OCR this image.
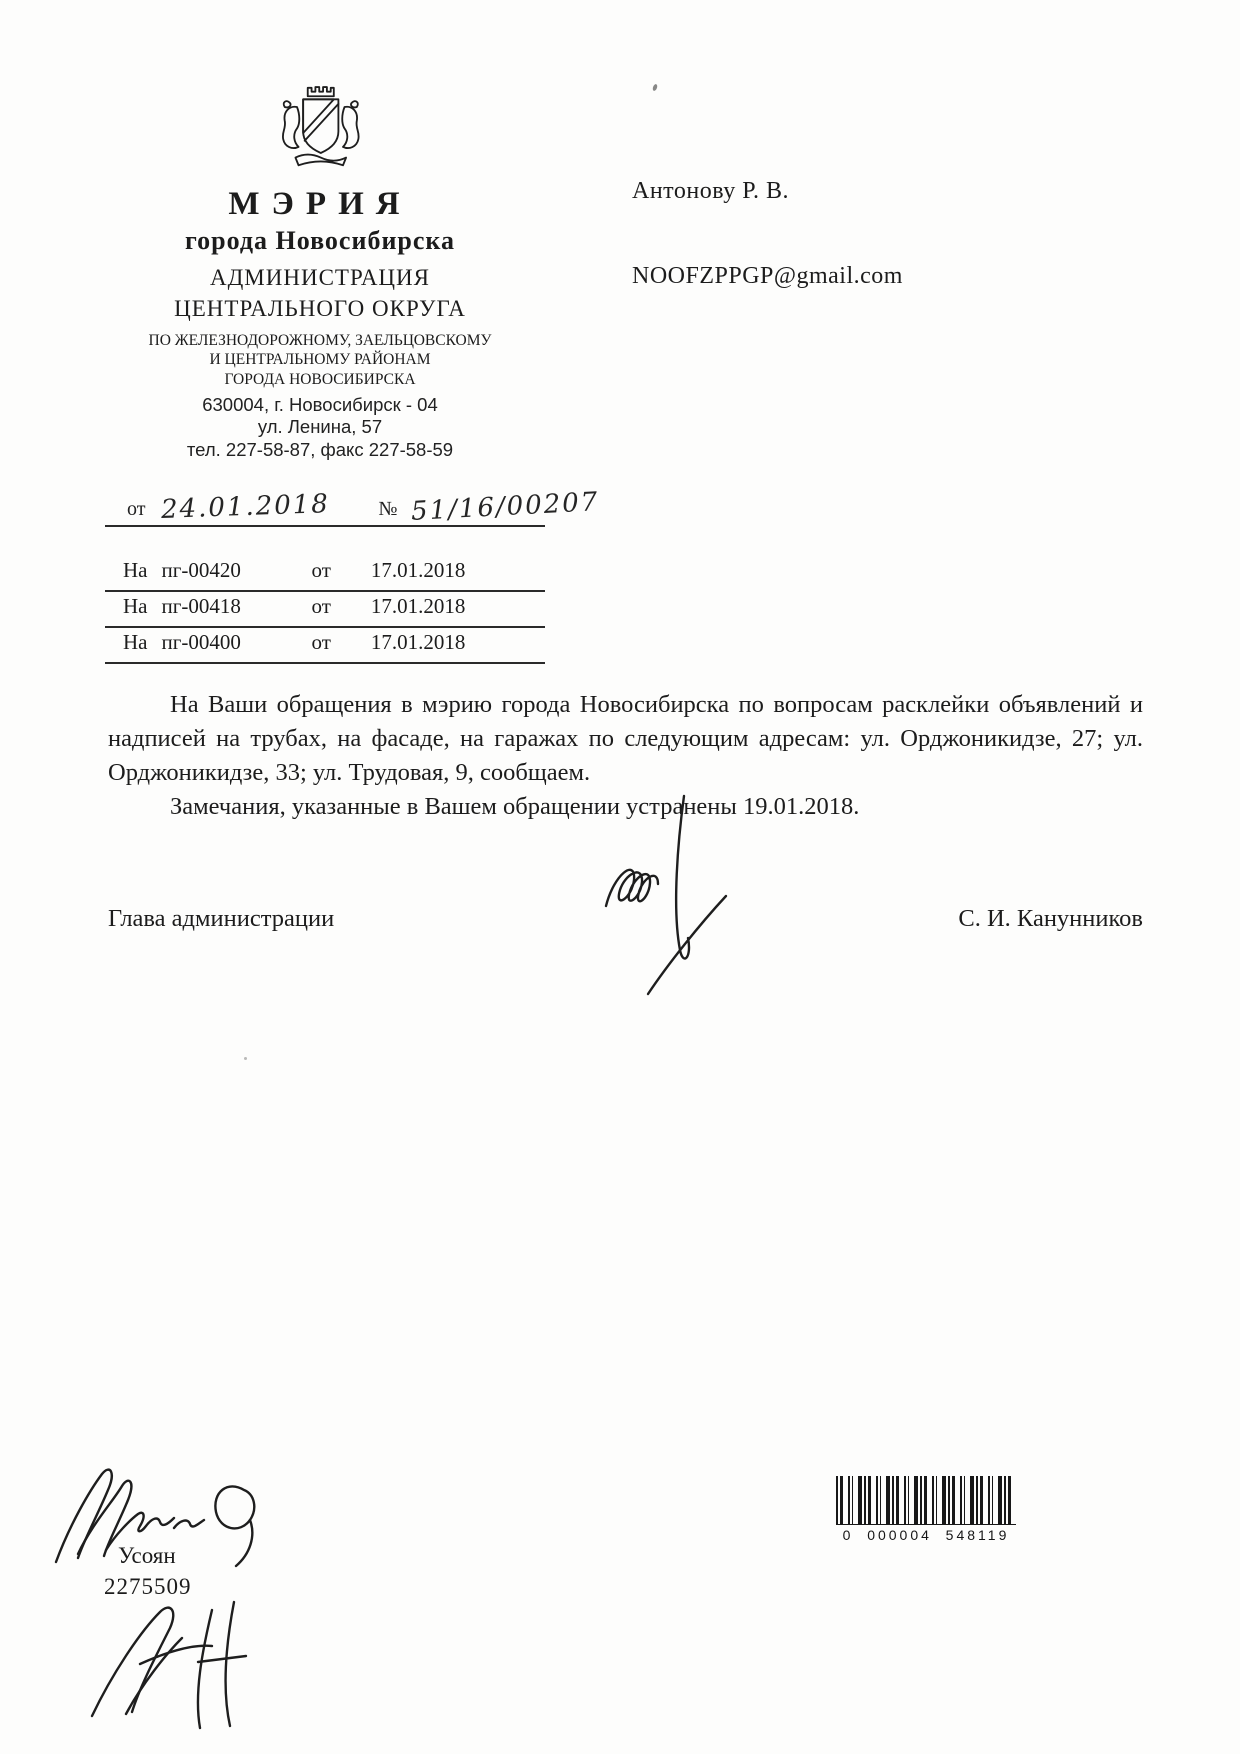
МЭРИЯ
города Новосибирска
АДМИНИСТРАЦИЯ
ЦЕНТРАЛЬНОГО ОКРУГА
ПО ЖЕЛЕЗНОДОРОЖНОМУ, ЗАЕЛЬЦОВСКОМУ
И ЦЕНТРАЛЬНОМУ РАЙОНАМ
ГОРОДА НОВОСИБИРСКА
630004, г. Новосибирск - 04
ул. Ленина, 57
тел. 227-58-87, факс 227-58-59
Антонову Р. В.
NOOFZPPGP@gmail.com
от 24.01.2018 № 51/16/00207
На пг-00420	от 17.01.2018
На пг-00418	от 17.01.2018
На пг-00400	от 17.01.2018

На Ваши обращения в мэрию города Новосибирска по вопросам расклейки объявлений и надписей на трубах, на фасаде, на гаражах по следующим адресам: ул. Орджоникидзе, 27; ул. Орджоникидзе, 33; ул. Трудовая, 9, сообщаем.

Замечания, указанные в Вашем обращении устранены 19.01.2018.

Глава администрации	С. И. Канунников
Усоян
2275509
0  000004  548119
